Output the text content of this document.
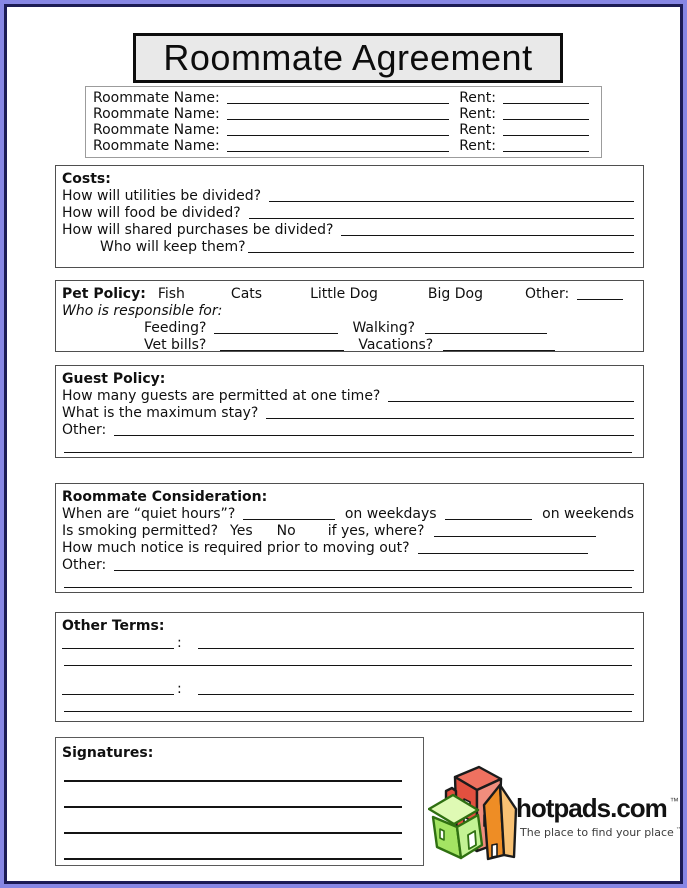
Roommate Agreement
Roommate Name:	Rent:
Roommate Name:	Rent:
Roommate Name:	Rent:
Roommate Name:	Rent:
Costs:
How will utilities be divided?
How will food be divided?
How will shared purchases be divided?
Who will keep them?
Pet Policy: Fish	Cats	Little Dog	Big Dog	Other:
Who is responsible for:
Feeding?	Walking?
Vet bills?	Vacations?
Guest Policy:
How many guests are permitted at one time?
What is the maximum stay?
Other:
Roommate Consideration:
When are “quiet hours”?	on weekdays	on weekends
Is smoking permitted? Yes No if yes, where?
How much notice is required prior to moving out?
Other:
Other Terms:
:
:
Signatures:
hotpads.com ™
The place to find your place ™
